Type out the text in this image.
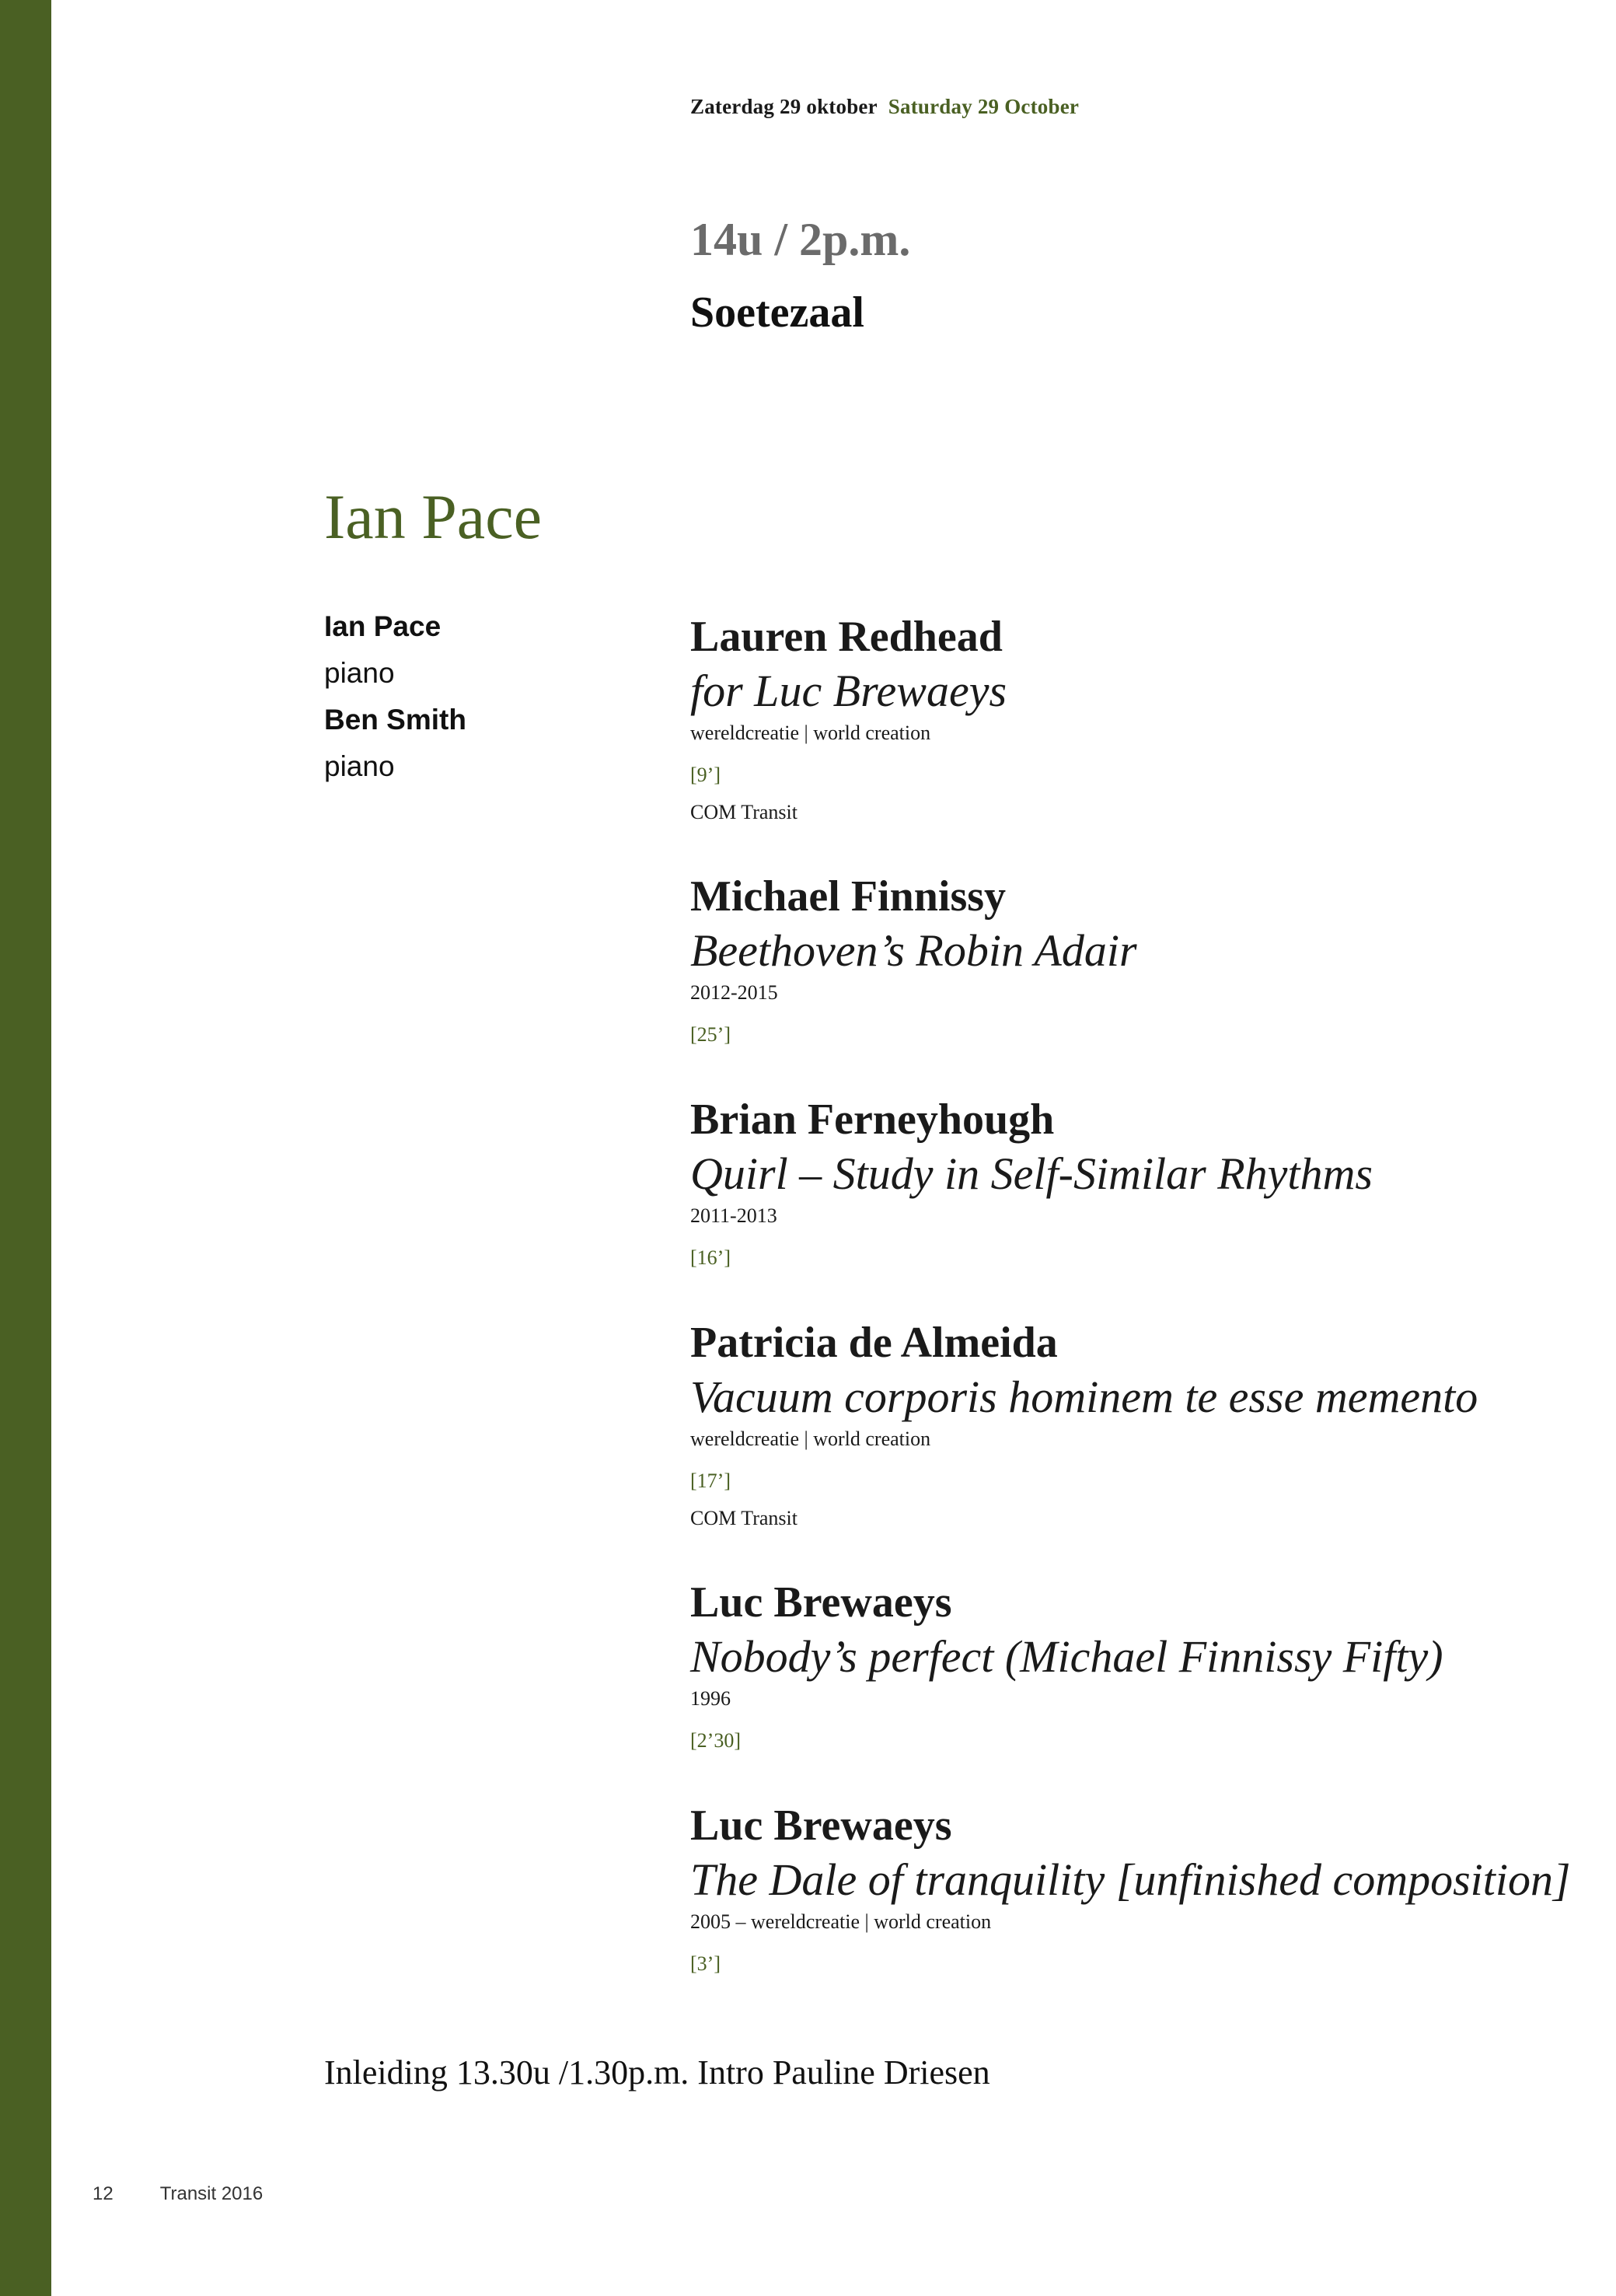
Zaterdag 29 oktober Saturday 29 October
14u / 2p.m.
Soetezaal
Ian Pace
Ian Pace
piano
Ben Smith
piano
Lauren Redhead
for Luc Brewaeys
wereldcreatie | world creation
[9’]
COM Transit
Michael Finnissy
Beethoven’s Robin Adair
2012-2015
[25’]
Brian Ferneyhough
Quirl – Study in Self-Similar Rhythms
2011-2013
[16’]
Patricia de Almeida
Vacuum corporis hominem te esse memento
wereldcreatie | world creation
[17’]
COM Transit
Luc Brewaeys
Nobody’s perfect (Michael Finnissy Fifty)
1996
[2’30]
Luc Brewaeys
The Dale of tranquility [unfinished composition]
2005 – wereldcreatie | world creation
[3’]
Inleiding 13.30u /1.30p.m. Intro Pauline Driesen
12	Transit 2016
